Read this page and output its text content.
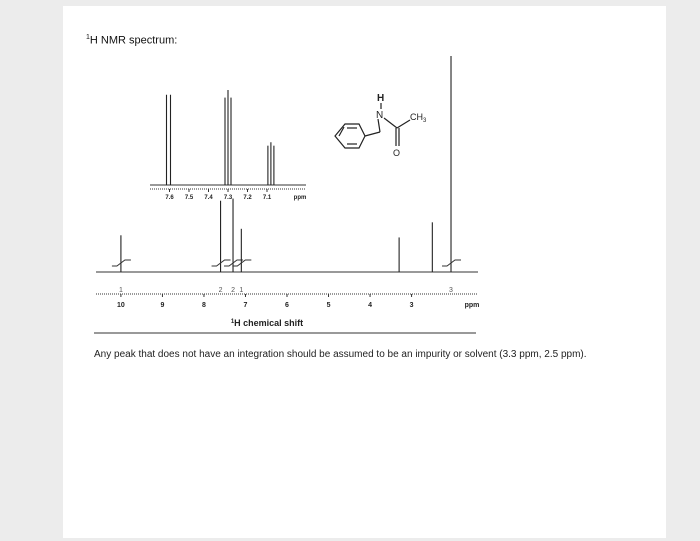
$^1$H NMR spectrum:
1	2 2 1	3
10	9	8	7	6	5	4	3	ppm
$^1$H chemical shift
7.6 7.5 7.4 7.3 7.2 7.1	ppm
H
N
O
$CH_3$
Any peak that does not have an integration should be assumed to be an impurity or solvent (3.3 ppm, 2.5 ppm).
